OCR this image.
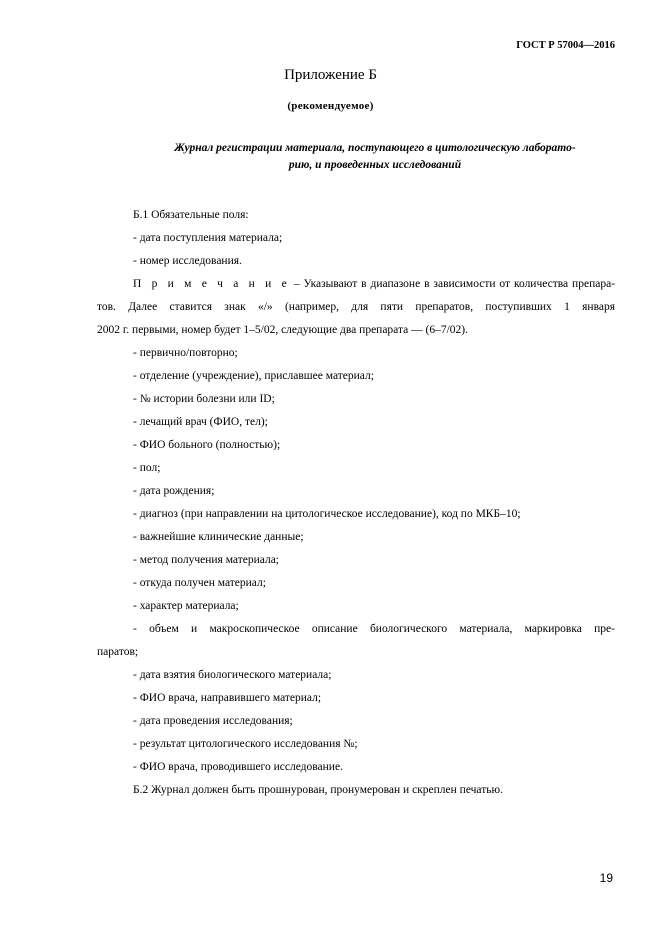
ГОСТ Р 57004—2016
Приложение Б
(рекомендуемое)
Журнал регистрации материала, поступающего в цитологическую лаборато-
рию, и проведенных исследований
Б.1 Обязательные поля:
- дата поступления материала;
- номер исследования.
П р и м е ч а н и е – Указывают в диапазоне в зависимости от количества препара-
тов. Далее ставится знак «/» (например, для пяти препаратов, поступивших 1 января
2002 г. первыми, номер будет 1–5/02, следующие два препарата — (6–7/02).
- первично/повторно;
- отделение (учреждение), приславшее материал;
- № истории болезни или ID;
- лечащий врач (ФИО, тел);
- ФИО больного (полностью);
- пол;
- дата рождения;
- диагноз (при направлении на цитологическое исследование), код по МКБ–10;
- важнейшие клинические данные;
- метод получения материала;
- откуда получен материал;
- характер материала;
- объем и макроскопическое описание биологического материала, маркировка пре-
паратов;
- дата взятия биологического материала;
- ФИО врача, направившего материал;
- дата проведения исследования;
- результат цитологического исследования №;
- ФИО врача, проводившего исследование.
Б.2 Журнал должен быть прошнурован, пронумерован и скреплен печатью.
19
